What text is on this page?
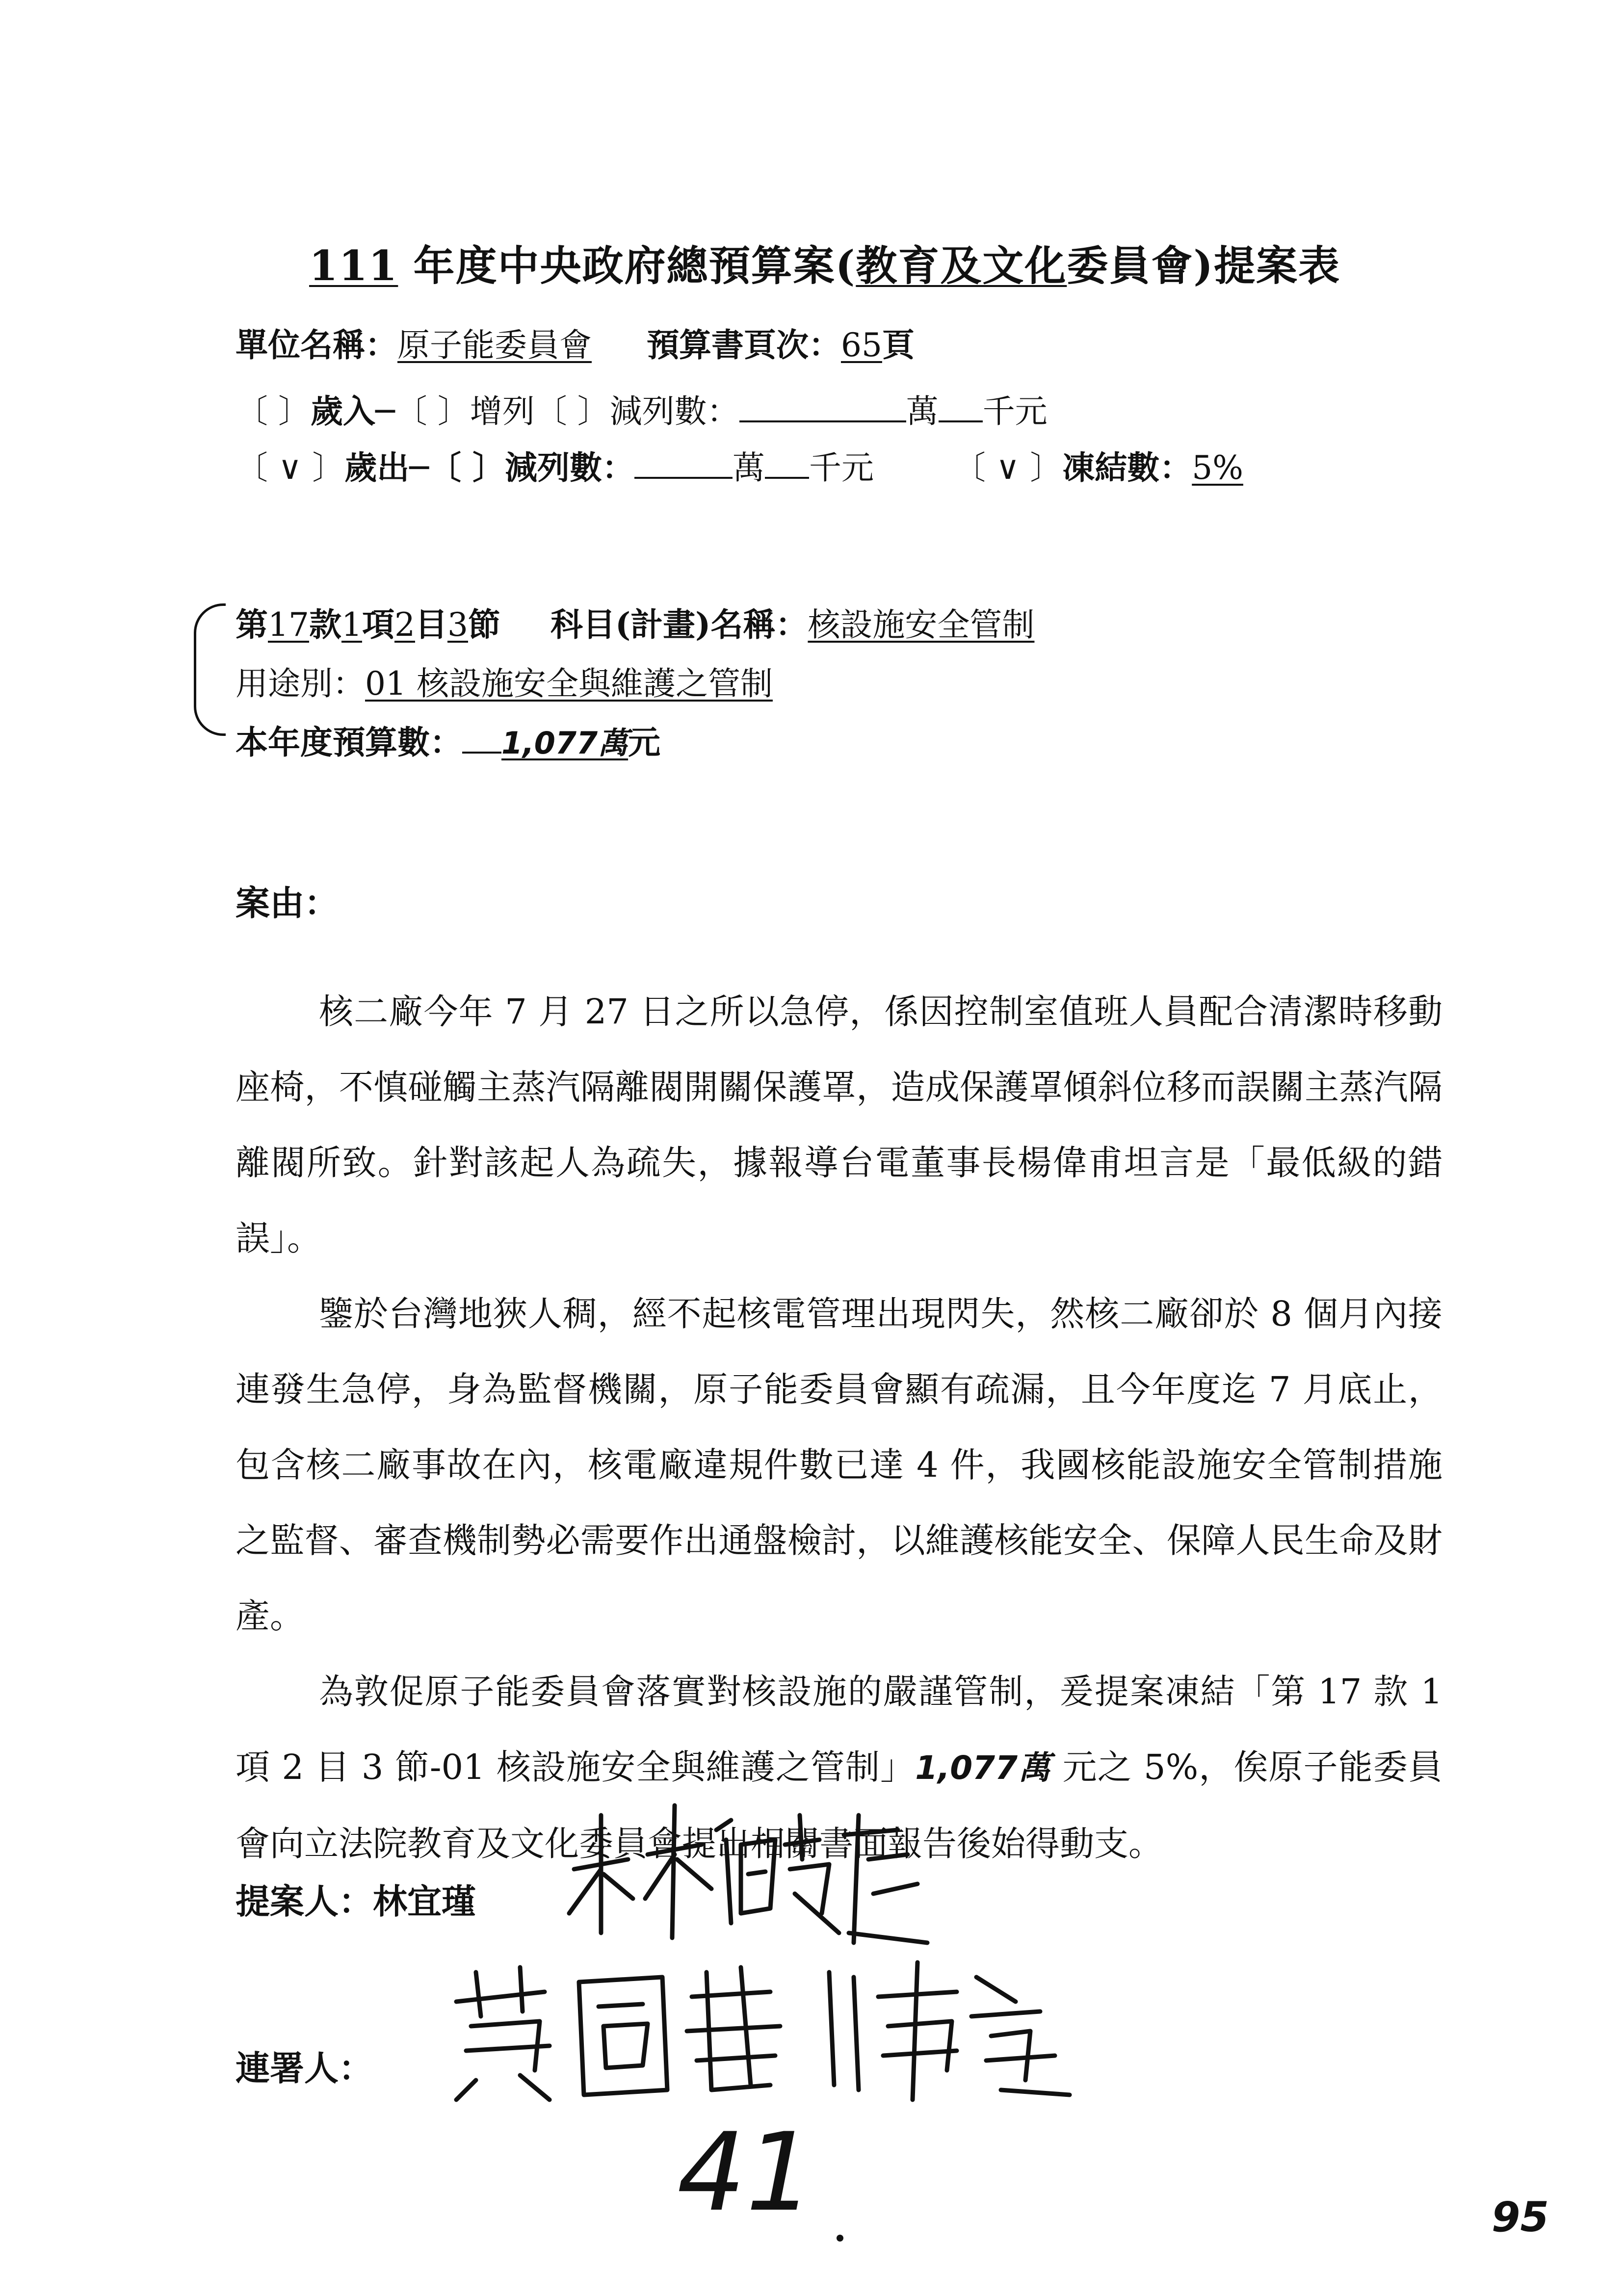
111 年度中央政府總預算案(教育及文化委員會)提案表
單位名稱：原子能委員會 預算書頁次：65頁
〔 〕歲入─〔 〕增列〔 〕減列數：	萬 千元
〔 ∨ 〕歲出─〔 〕減列數：	萬 千元 〔 ∨ 〕凍結數：5%
第17款1項2目3節 科目(計畫)名稱：核設施安全管制
用途別：01 核設施安全與維護之管制
本年度預算數： 1,077萬元
案由：

核二廠今年 7 月 27 日之所以急停，係因控制室值班人員配合清潔時移動座椅，不慎碰觸主蒸汽隔離閥開關保護罩，造成保護罩傾斜位移而誤關主蒸汽隔離閥所致。針對該起人為疏失，據報導台電董事長楊偉甫坦言是「最低級的錯誤」。

鑒於台灣地狹人稠，經不起核電管理出現閃失，然核二廠卻於 8 個月內接連發生急停，身為監督機關，原子能委員會顯有疏漏，且今年度迄 7 月底止，包含核二廠事故在內，核電廠違規件數已達 4 件，我國核能設施安全管制措施之監督、審查機制勢必需要作出通盤檢討，以維護核能安全、保障人民生命及財產。

為敦促原子能委員會落實對核設施的嚴謹管制，爰提案凍結「第 17 款 1 項 2 目 3 節-01 核設施安全與維護之管制」1,077萬 元之 5%，俟原子能委員會向立法院教育及文化委員會提出相關書面報告後始得動支。

提案人：林宜瑾
連署人：
41	95
